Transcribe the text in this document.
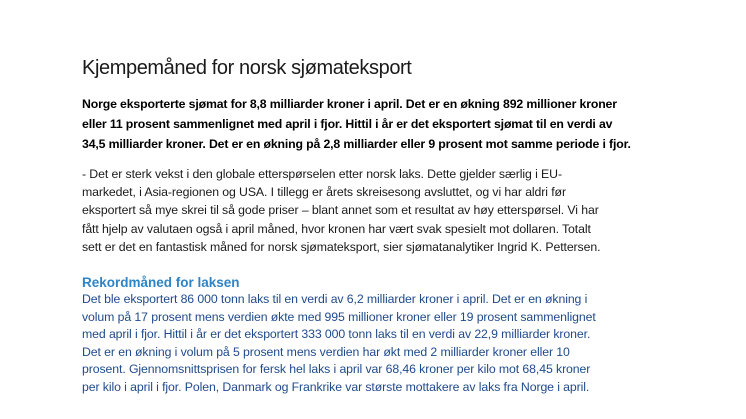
Kjempemåned for norsk sjømateksport

Norge eksporterte sjømat for 8,8 milliarder kroner i april. Det er en økning 892 millioner kroner
eller 11 prosent sammenlignet med april i fjor. Hittil i år er det eksportert sjømat til en verdi av
34,5 milliarder kroner. Det er en økning på 2,8 milliarder eller 9 prosent mot samme periode i fjor.

- Det er sterk vekst i den globale etterspørselen etter norsk laks. Dette gjelder særlig i EU-
markedet, i Asia-regionen og USA. I tillegg er årets skreisesong avsluttet, og vi har aldri før
eksportert så mye skrei til så gode priser – blant annet som et resultat av høy etterspørsel. Vi har
fått hjelp av valutaen også i april måned, hvor kronen har vært svak spesielt mot dollaren. Totalt
sett er det en fantastisk måned for norsk sjømateksport, sier sjømatanalytiker Ingrid K. Pettersen.

Rekordmåned for laksen

Det ble eksportert 86 000 tonn laks til en verdi av 6,2 milliarder kroner i april. Det er en økning i
volum på 17 prosent mens verdien økte med 995 millioner kroner eller 19 prosent sammenlignet
med april i fjor. Hittil i år er det eksportert 333 000 tonn laks til en verdi av 22,9 milliarder kroner.
Det er en økning i volum på 5 prosent mens verdien har økt med 2 milliarder kroner eller 10
prosent. Gjennomsnittsprisen for fersk hel laks i april var 68,46 kroner per kilo mot 68,45 kroner
per kilo i april i fjor. Polen, Danmark og Frankrike var største mottakere av laks fra Norge i april.
